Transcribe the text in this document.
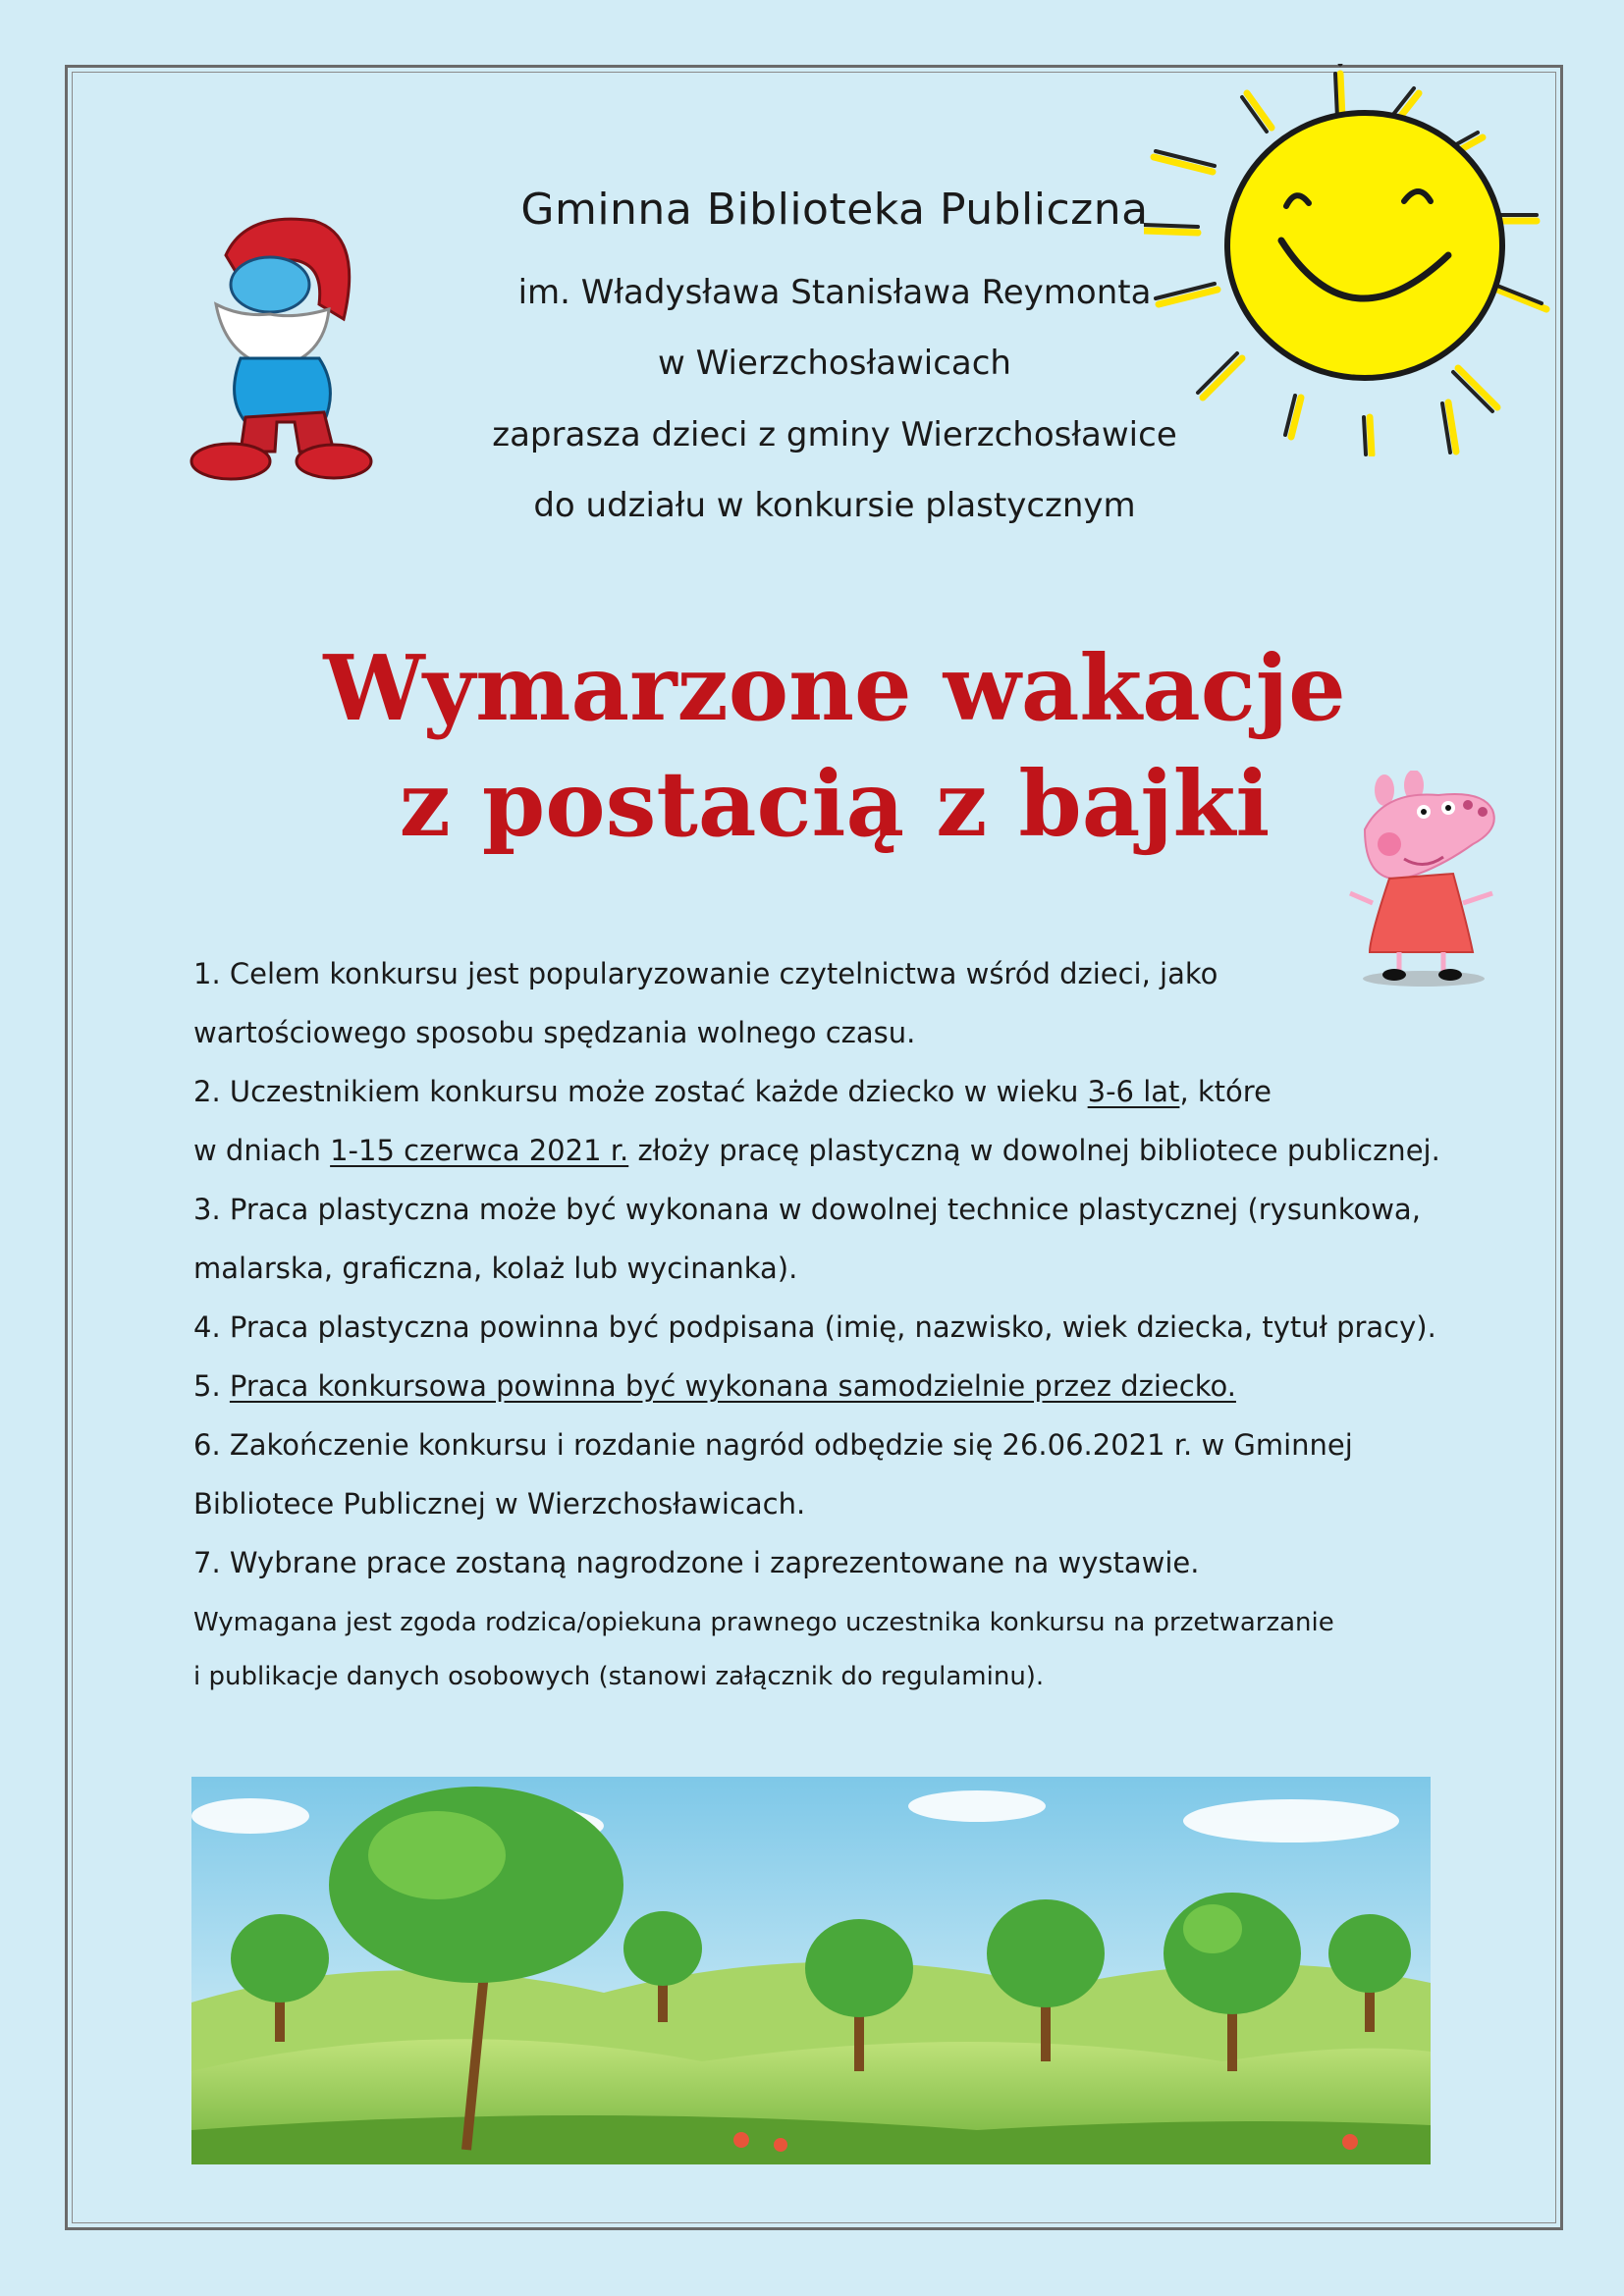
Gminna Biblioteka Publiczna
im. Władysława Stanisława Reymonta
w Wierzchosławicach
zaprasza dzieci z gminy Wierzchosławice
do udziału w konkursie plastycznym
Wymarzone wakacje
z postacią z bajki

1. Celem konkursu jest popularyzowanie czytelnictwa wśród dzieci, jako

wartościowego sposobu spędzania wolnego czasu.

2. Uczestnikiem konkursu może zostać każde dziecko w wieku 3-6 lat, które

w dniach 1-15 czerwca 2021 r. złoży pracę plastyczną w dowolnej bibliotece publicznej.

3. Praca plastyczna może być wykonana w dowolnej technice plastycznej (rysunkowa,

malarska, graficzna, kolaż lub wycinanka).

4. Praca plastyczna powinna być podpisana (imię, nazwisko, wiek dziecka, tytuł pracy).

5. Praca konkursowa powinna być wykonana samodzielnie przez dziecko.

6. Zakończenie konkursu i rozdanie nagród odbędzie się 26.06.2021 r. w Gminnej

Bibliotece Publicznej w Wierzchosławicach.

7. Wybrane prace zostaną nagrodzone i zaprezentowane na wystawie.

Wymagana jest zgoda rodzica/opiekuna prawnego uczestnika konkursu na przetwarzanie

i publikacje danych osobowych (stanowi załącznik do regulaminu).
